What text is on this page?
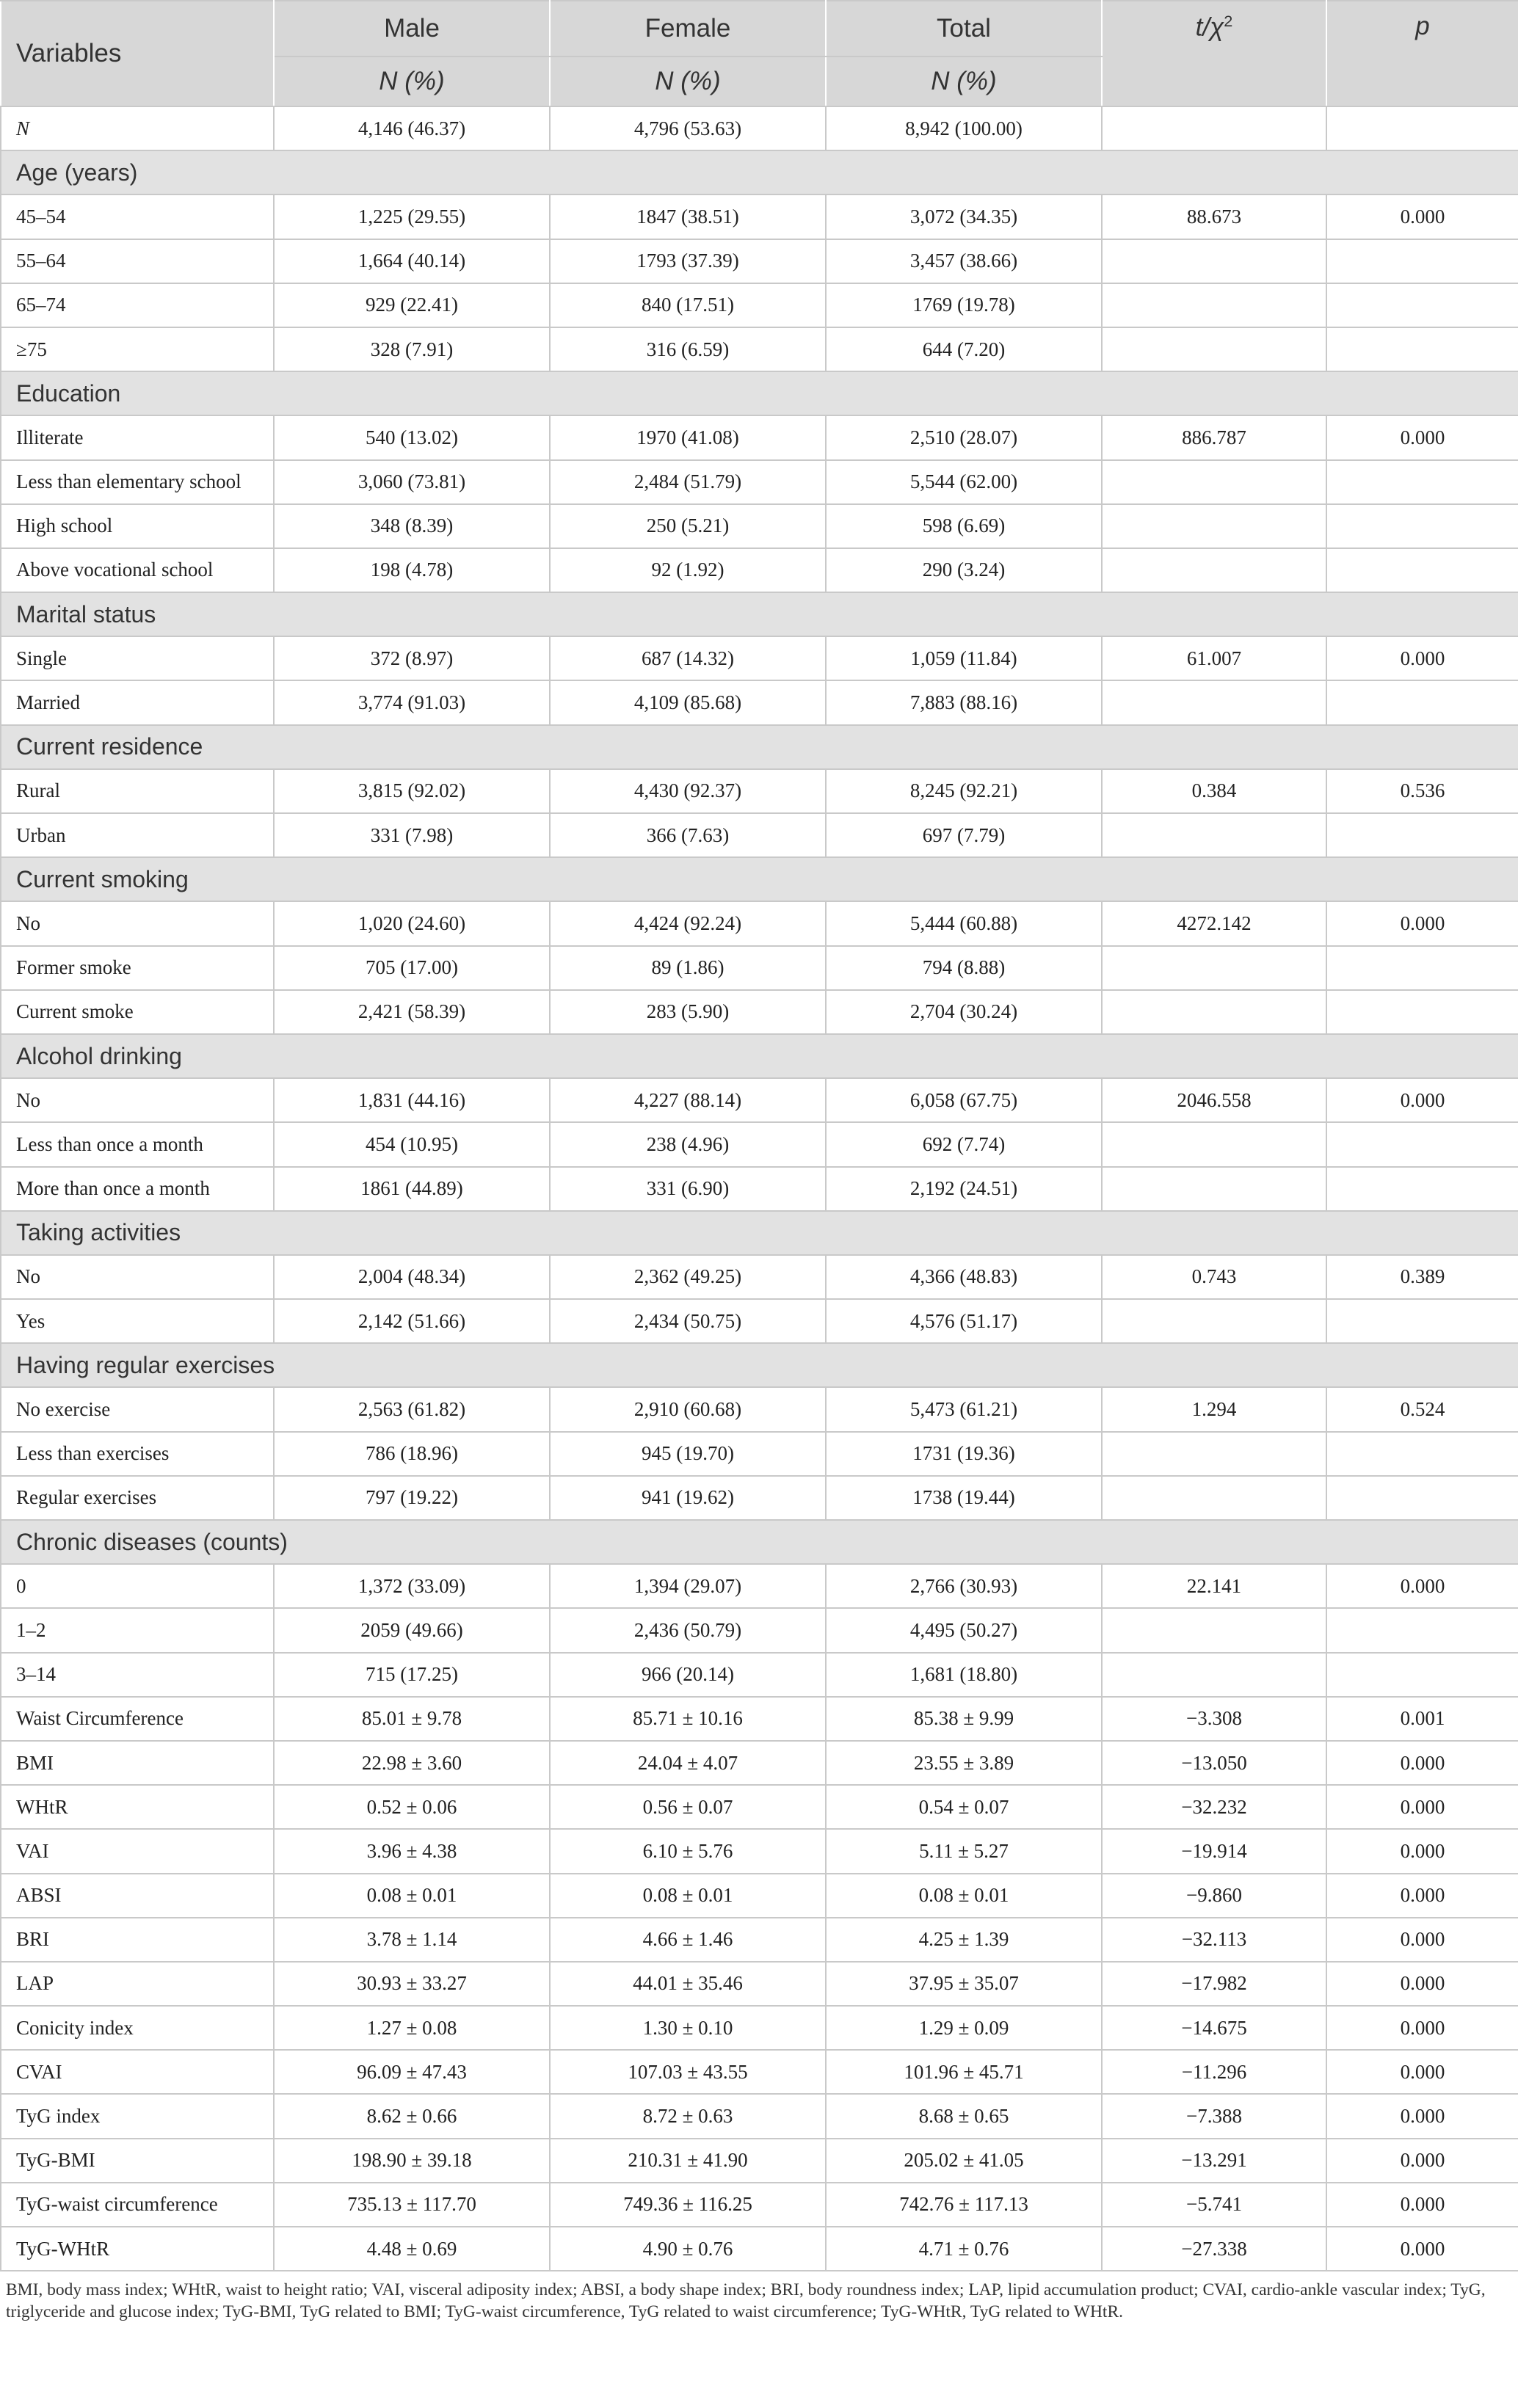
Variables	Male	Female	Total	$t/\chi^2$	p
	N (%)	N (%)	N (%)		
N	4,146 (46.37)	4,796 (53.63)	8,942 (100.00)		
Age (years)					
45–54	1,225 (29.55)	1847 (38.51)	3,072 (34.35)	88.673	0.000
55–64	1,664 (40.14)	1793 (37.39)	3,457 (38.66)		
65–74	929 (22.41)	840 (17.51)	1769 (19.78)		
≥75	328 (7.91)	316 (6.59)	644 (7.20)		
Education					
Illiterate	540 (13.02)	1970 (41.08)	2,510 (28.07)	886.787	0.000
Less than elementary school	3,060 (73.81)	2,484 (51.79)	5,544 (62.00)		
High school	348 (8.39)	250 (5.21)	598 (6.69)		
Above vocational school	198 (4.78)	92 (1.92)	290 (3.24)		
Marital status					
Single	372 (8.97)	687 (14.32)	1,059 (11.84)	61.007	0.000
Married	3,774 (91.03)	4,109 (85.68)	7,883 (88.16)		
Current residence					
Rural	3,815 (92.02)	4,430 (92.37)	8,245 (92.21)	0.384	0.536
Urban	331 (7.98)	366 (7.63)	697 (7.79)		
Current smoking					
No	1,020 (24.60)	4,424 (92.24)	5,444 (60.88)	4272.142	0.000
Former smoke	705 (17.00)	89 (1.86)	794 (8.88)		
Current smoke	2,421 (58.39)	283 (5.90)	2,704 (30.24)		
Alcohol drinking					
No	1,831 (44.16)	4,227 (88.14)	6,058 (67.75)	2046.558	0.000
Less than once a month	454 (10.95)	238 (4.96)	692 (7.74)		
More than once a month	1861 (44.89)	331 (6.90)	2,192 (24.51)		
Taking activities					
No	2,004 (48.34)	2,362 (49.25)	4,366 (48.83)	0.743	0.389
Yes	2,142 (51.66)	2,434 (50.75)	4,576 (51.17)		
Having regular exercises					
No exercise	2,563 (61.82)	2,910 (60.68)	5,473 (61.21)	1.294	0.524
Less than exercises	786 (18.96)	945 (19.70)	1731 (19.36)		
Regular exercises	797 (19.22)	941 (19.62)	1738 (19.44)		
Chronic diseases (counts)					
0	1,372 (33.09)	1,394 (29.07)	2,766 (30.93)	22.141	0.000
1–2	2059 (49.66)	2,436 (50.79)	4,495 (50.27)		
3–14	715 (17.25)	966 (20.14)	1,681 (18.80)		
Waist Circumference	85.01 ± 9.78	85.71 ± 10.16	85.38 ± 9.99	−3.308	0.001
BMI	22.98 ± 3.60	24.04 ± 4.07	23.55 ± 3.89	−13.050	0.000
WHtR	0.52 ± 0.06	0.56 ± 0.07	0.54 ± 0.07	−32.232	0.000
VAI	3.96 ± 4.38	6.10 ± 5.76	5.11 ± 5.27	−19.914	0.000
ABSI	0.08 ± 0.01	0.08 ± 0.01	0.08 ± 0.01	−9.860	0.000
BRI	3.78 ± 1.14	4.66 ± 1.46	4.25 ± 1.39	−32.113	0.000
LAP	30.93 ± 33.27	44.01 ± 35.46	37.95 ± 35.07	−17.982	0.000
Conicity index	1.27 ± 0.08	1.30 ± 0.10	1.29 ± 0.09	−14.675	0.000
CVAI	96.09 ± 47.43	107.03 ± 43.55	101.96 ± 45.71	−11.296	0.000
TyG index	8.62 ± 0.66	8.72 ± 0.63	8.68 ± 0.65	−7.388	0.000
TyG-BMI	198.90 ± 39.18	210.31 ± 41.90	205.02 ± 41.05	−13.291	0.000
TyG-waist circumference	735.13 ± 117.70	749.36 ± 116.25	742.76 ± 117.13	−5.741	0.000
TyG-WHtR	4.48 ± 0.69	4.90 ± 0.76	4.71 ± 0.76	−27.338	0.000
BMI, body mass index; WHtR, waist to height ratio; VAI, visceral adiposity index; ABSI, a body shape index; BRI, body roundness index; LAP, lipid accumulation product; CVAI, cardio-ankle vascular index; TyG, triglyceride and glucose index; TyG-BMI, TyG related to BMI; TyG-waist circumference, TyG related to waist circumference; TyG-WHtR, TyG related to WHtR.
